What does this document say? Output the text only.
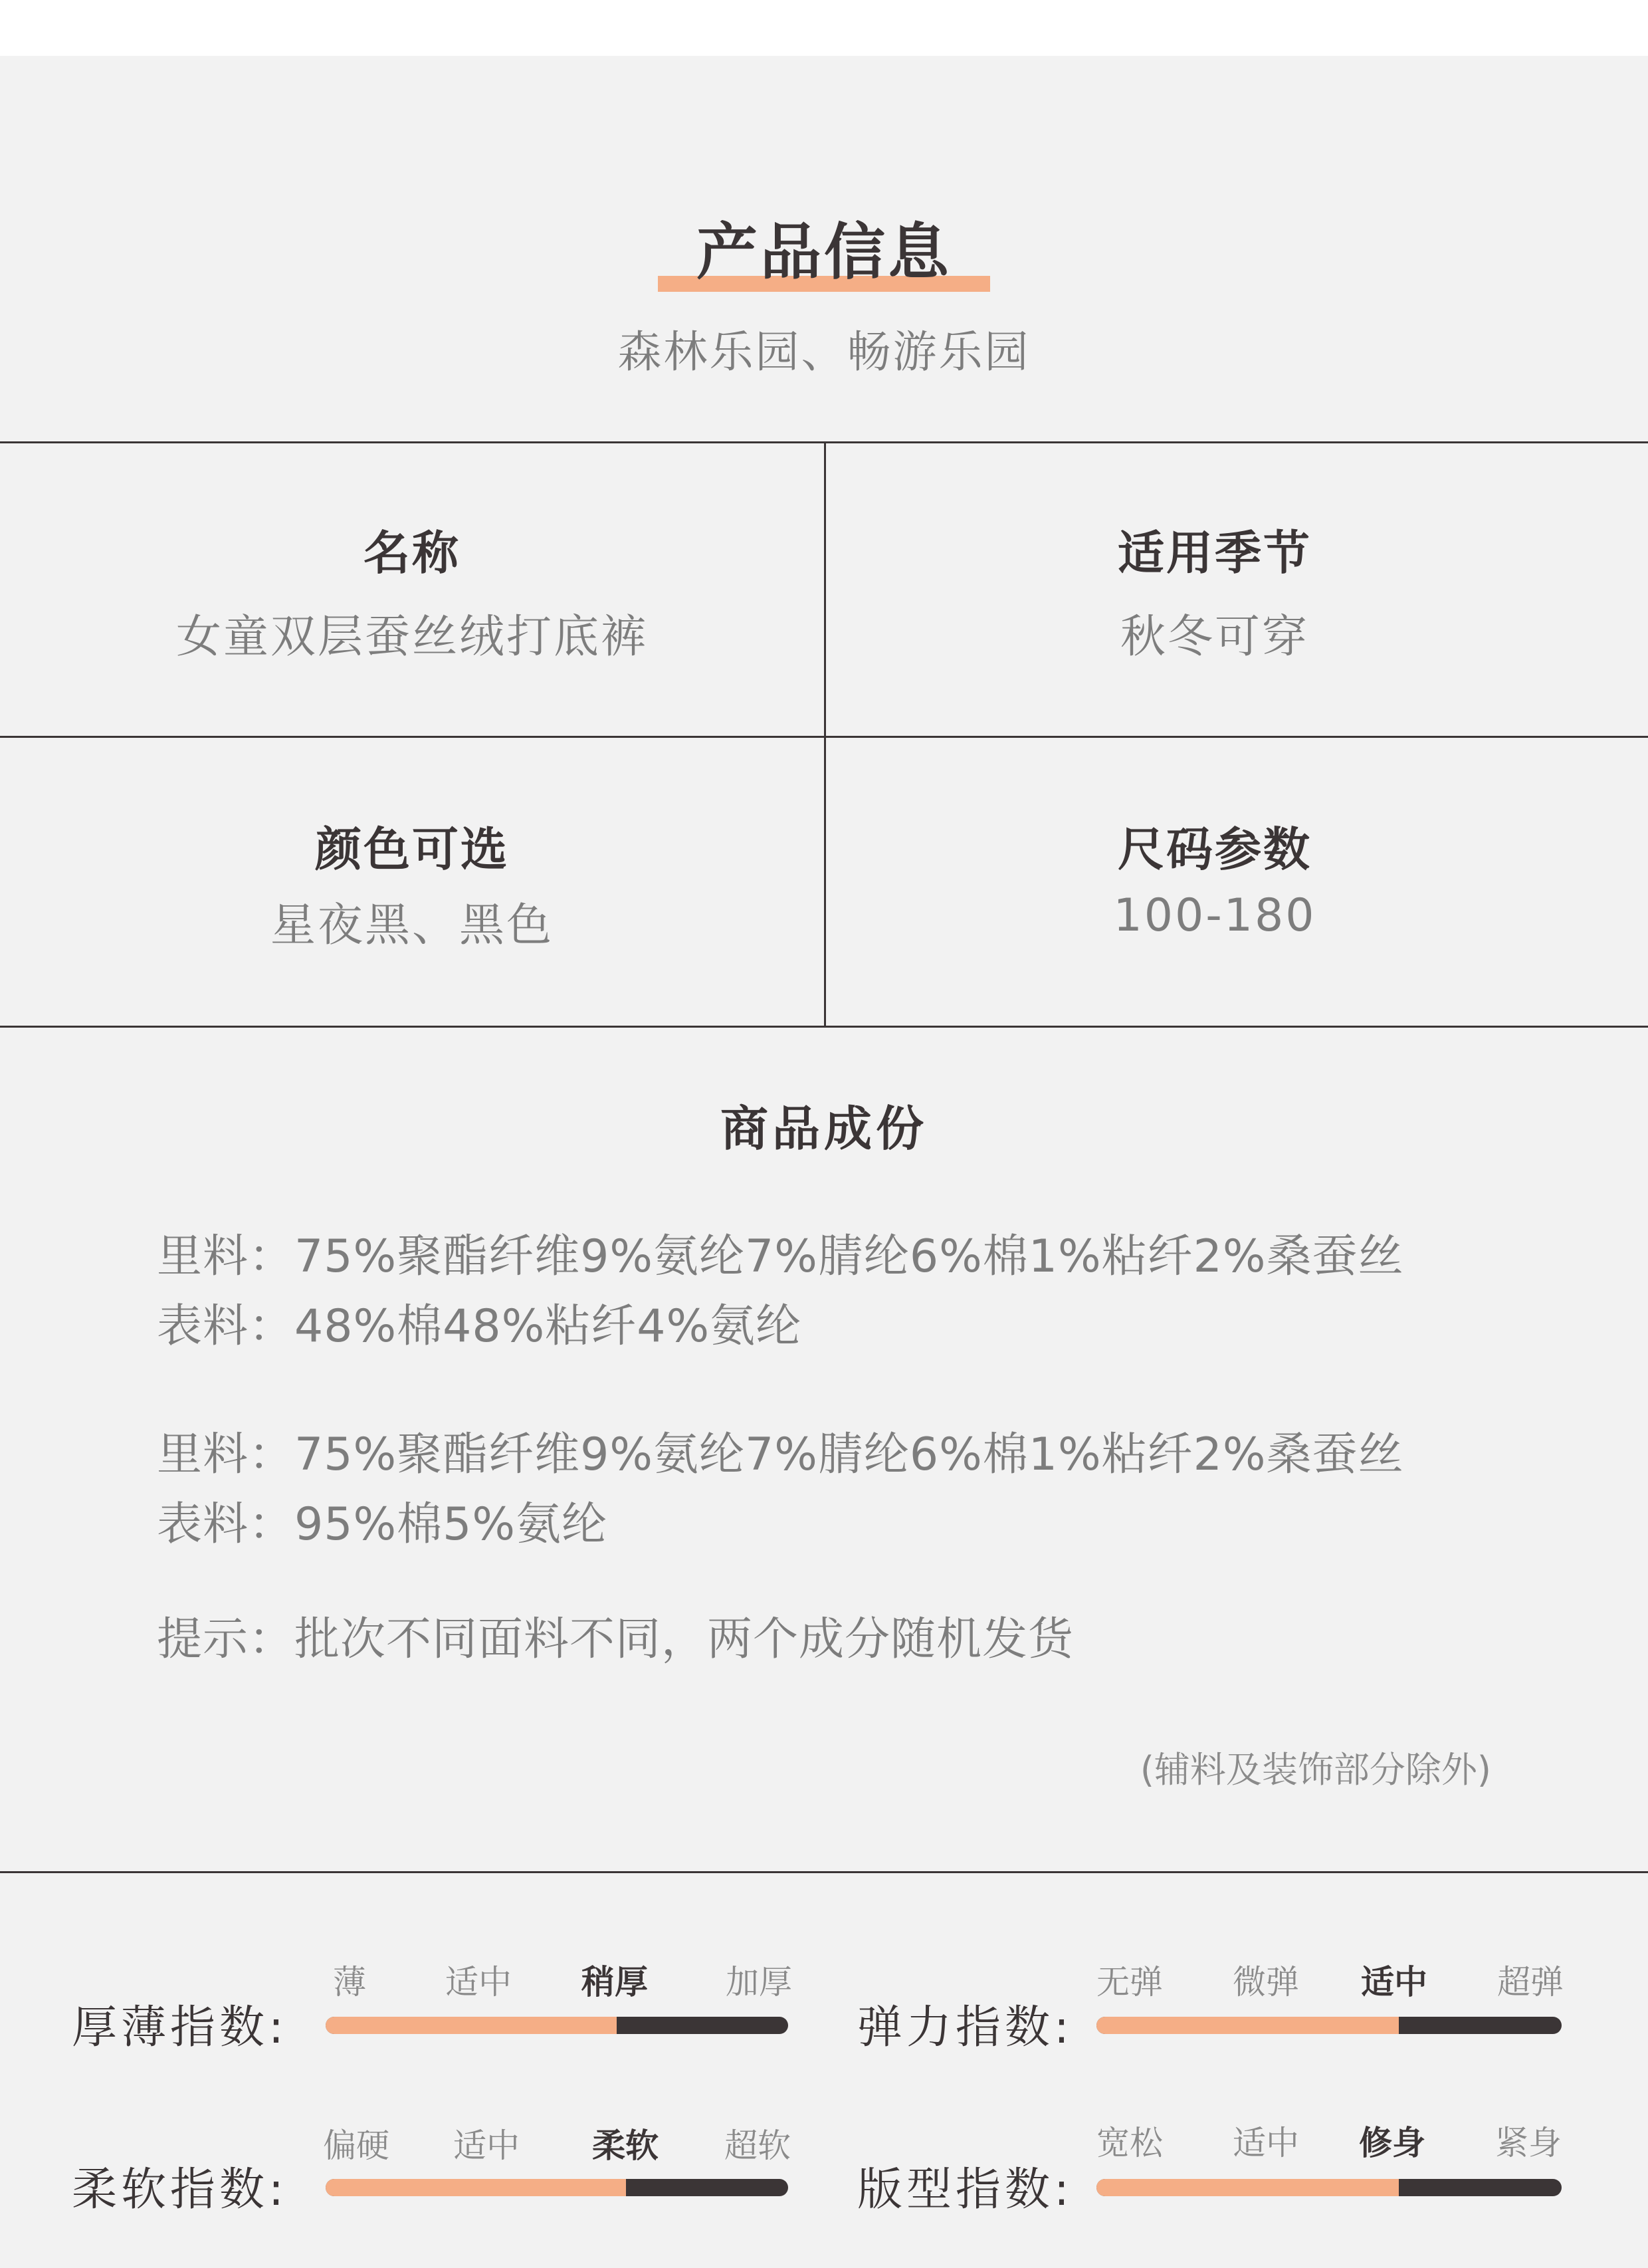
产品信息
森林乐园、畅游乐园
名称
女童双层蚕丝绒打底裤
适用季节
秋冬可穿
颜色可选
星夜黑、黑色
尺码参数
100-180
商品成份
里料：75%聚酯纤维9%氨纶7%腈纶6%棉1%粘纤2%桑蚕丝
表料：48%棉48%粘纤4%氨纶
里料：75%聚酯纤维9%氨纶7%腈纶6%棉1%粘纤2%桑蚕丝
表料：95%棉5%氨纶
提示：批次不同面料不同，两个成分随机发货
(辅料及装饰部分除外)
厚薄指数:
薄 适中 稍厚 加厚
弹力指数:
无弹 微弹 适中 超弹
柔软指数:
偏硬 适中 柔软 超软
版型指数:
宽松 适中 修身 紧身
